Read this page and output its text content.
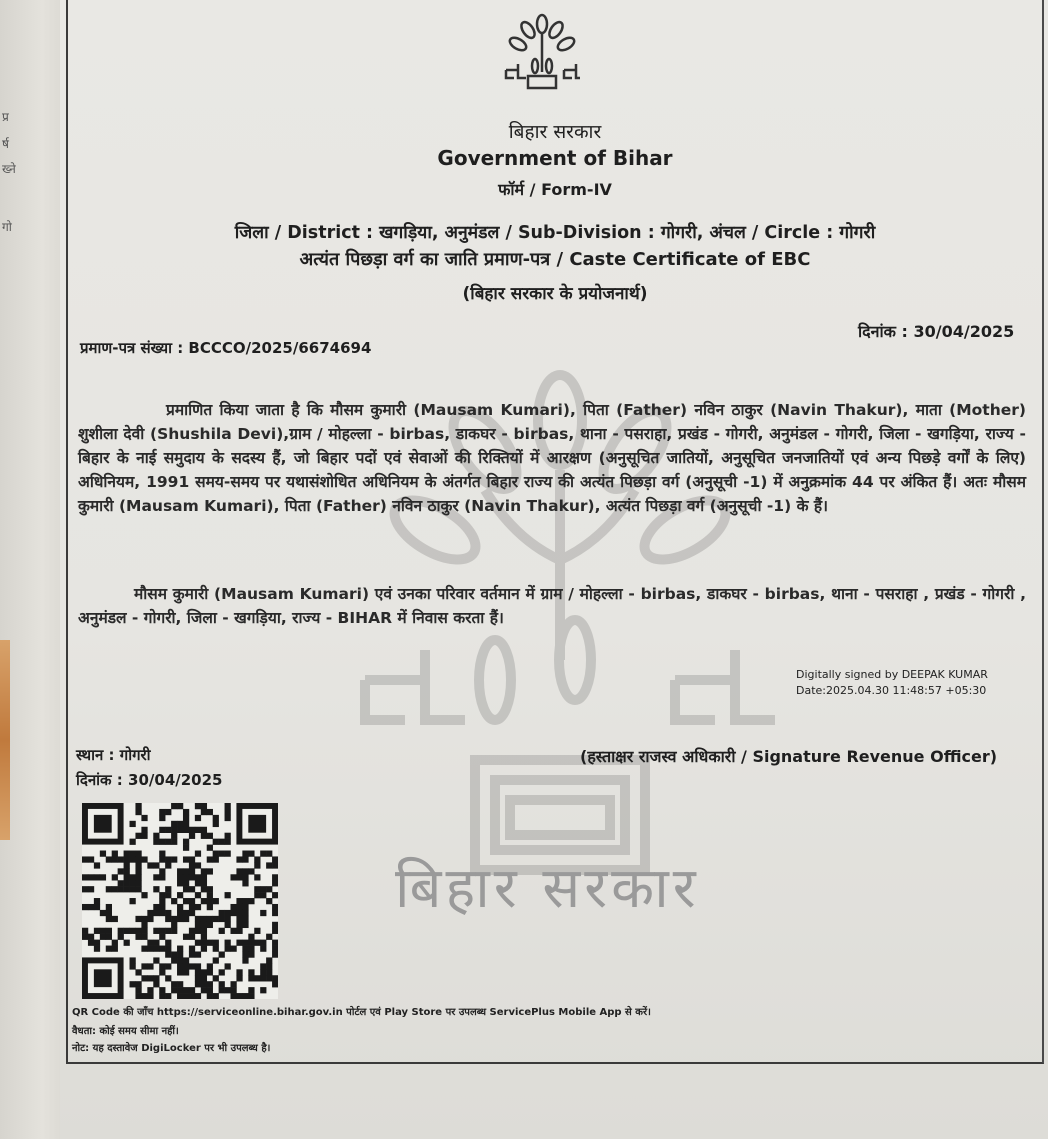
प्र
र्ष
ख्ने
गो
बिहार सरकार
बिहार सरकार
Government of Bihar
फॉर्म / Form-IV
जिला / District : खगड़िया, अनुमंडल / Sub-Division : गोगरी, अंचल / Circle : गोगरी
अत्यंत पिछड़ा वर्ग का जाति प्रमाण-पत्र / Caste Certificate of EBC
(बिहार सरकार के प्रयोजनार्थ)
दिनांक : 30/04/2025
प्रमाण-पत्र संख्या : BCCCO/2025/6674694
प्रमाणित किया जाता है कि मौसम कुमारी (Mausam Kumari), पिता (Father) नविन ठाकुर (Navin Thakur), माता (Mother) शुशीला देवी (Shushila Devi),ग्राम / मोहल्ला - birbas, डाकघर - birbas, थाना - पसराहा, प्रखंड - गोगरी, अनुमंडल - गोगरी, जिला - खगड़िया, राज्य - बिहार के नाई समुदाय के सदस्य हैं, जो बिहार पदों एवं सेवाओं की रिक्तियों में आरक्षण (अनुसूचित जातियों, अनुसूचित जनजातियों एवं अन्य पिछड़े वर्गों के लिए) अधिनियम, 1991 समय-समय पर यथासंशोधित अधिनियम के अंतर्गत बिहार राज्य की अत्यंत पिछड़ा वर्ग (अनुसूची -1) में अनुक्रमांक 44 पर अंकित हैं। अतः मौसम कुमारी (Mausam Kumari), पिता (Father) नविन ठाकुर (Navin Thakur), अत्यंत पिछड़ा वर्ग (अनुसूची -1) के हैं।
मौसम कुमारी (Mausam Kumari) एवं उनका परिवार वर्तमान में ग्राम / मोहल्ला - birbas, डाकघर - birbas, थाना - पसराहा , प्रखंड - गोगरी , अनुमंडल - गोगरी, जिला - खगड़िया, राज्य - BIHAR में निवास करता हैं।
Digitally signed by DEEPAK KUMAR
Date:2025.04.30 11:48:57 +05:30
स्थान : गोगरी	(हस्ताक्षर राजस्व अधिकारी / Signature Revenue Officer)
दिनांक : 30/04/2025
QR Code की जाँच https://serviceonline.bihar.gov.in पोर्टल एवं Play Store पर उपलब्ध ServicePlus Mobile App से करें।
वैधता: कोई समय सीमा नहीं।
नोट: यह दस्तावेज DigiLocker पर भी उपलब्ध है।
